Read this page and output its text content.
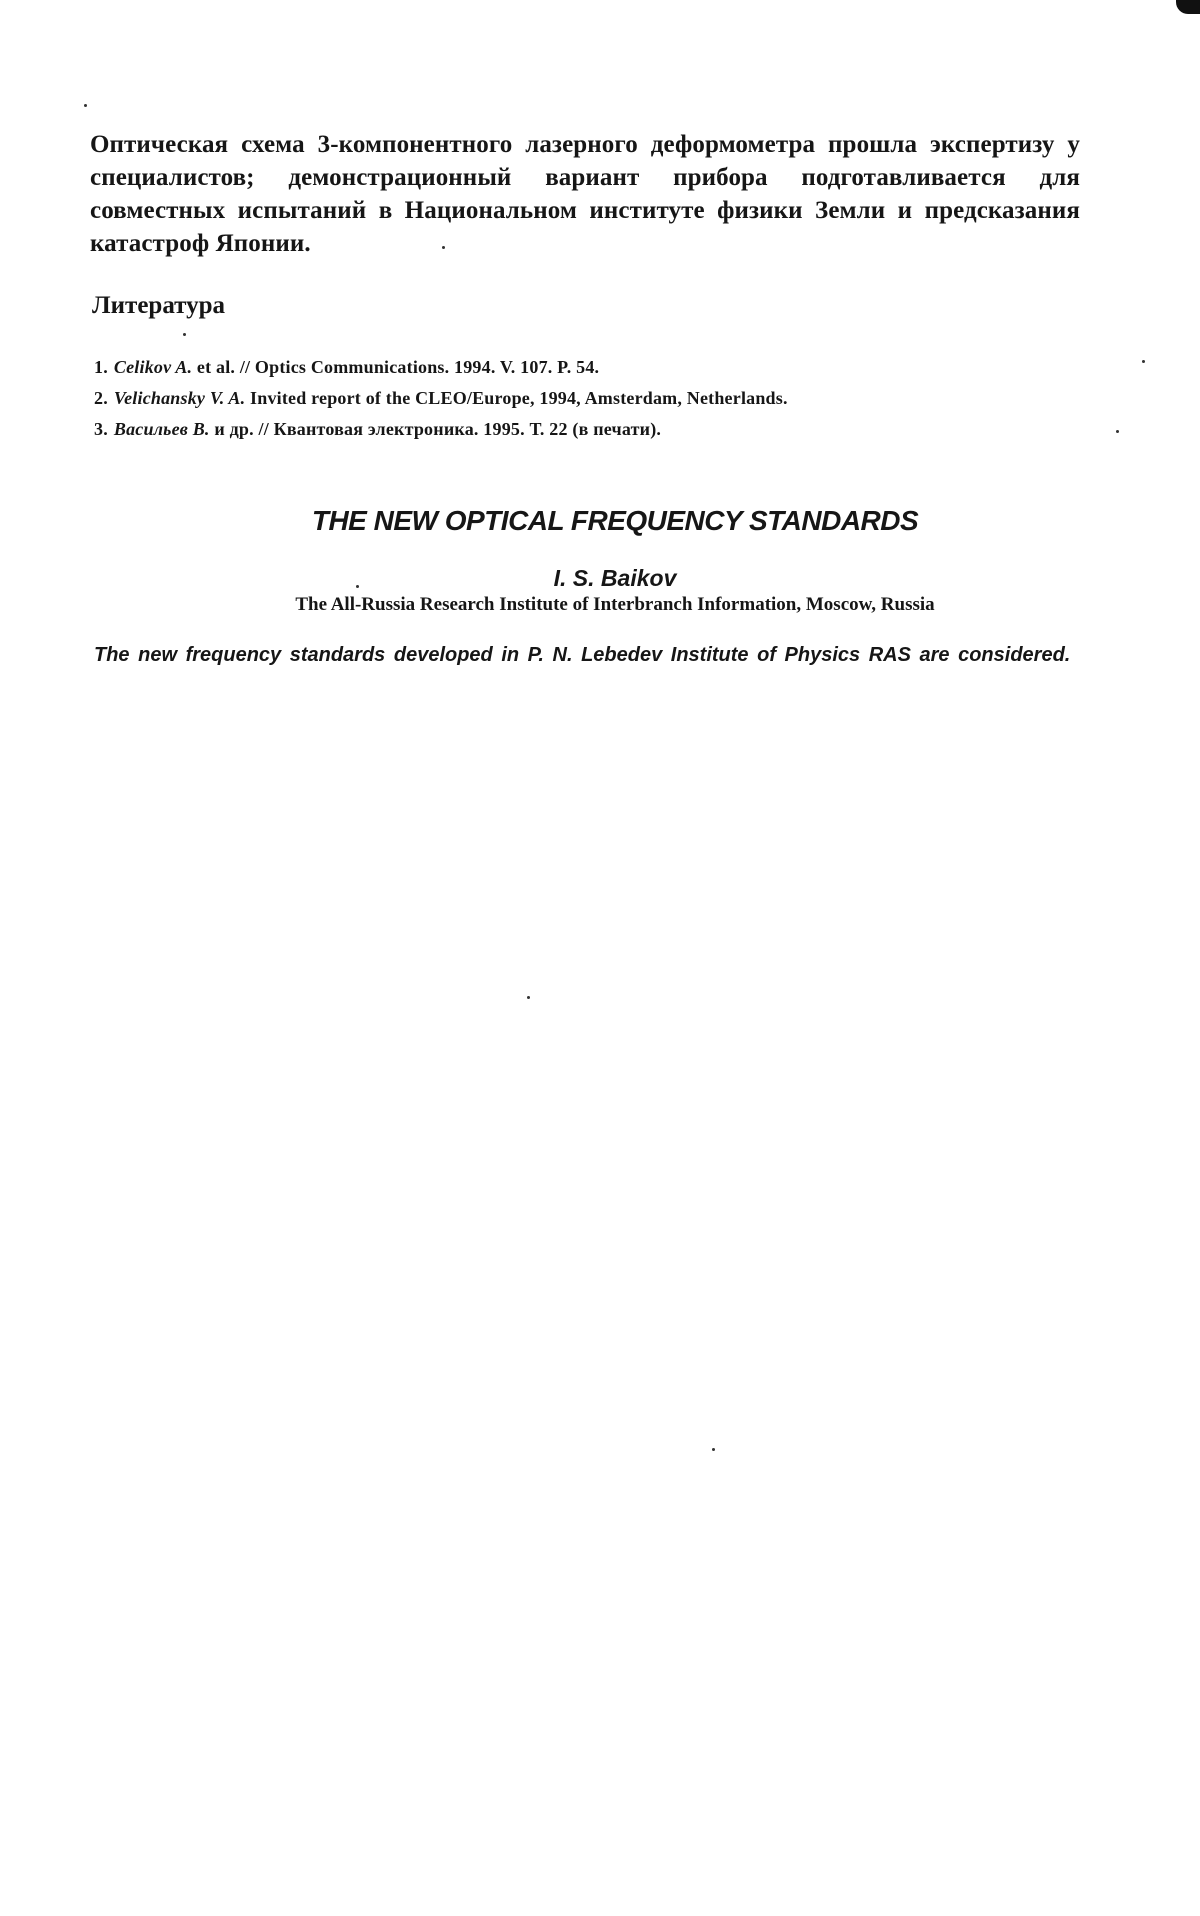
Оптическая схема 3-компонентного лазерного деформометра прошла экспертизу у специалистов; демонстрационный вариант прибора подготавливается для совместных испытаний в Национальном институте физики Земли и предсказания катастроф Японии.

Литература
1. Celikov A. et al. // Optics Communications. 1994. V. 107. P. 54.
2. Velichansky V. A. Invited report of the CLEO/Europe, 1994, Amsterdam, Netherlands.
3. Васильев В. и др. // Квантовая электроника. 1995. Т. 22 (в печати).
THE NEW OPTICAL FREQUENCY STANDARDS

I. S. Baikov

The All-Russia Research Institute of Interbranch Information, Moscow, Russia

The new frequency standards developed in P. N. Lebedev Institute of Physics RAS are considered.
